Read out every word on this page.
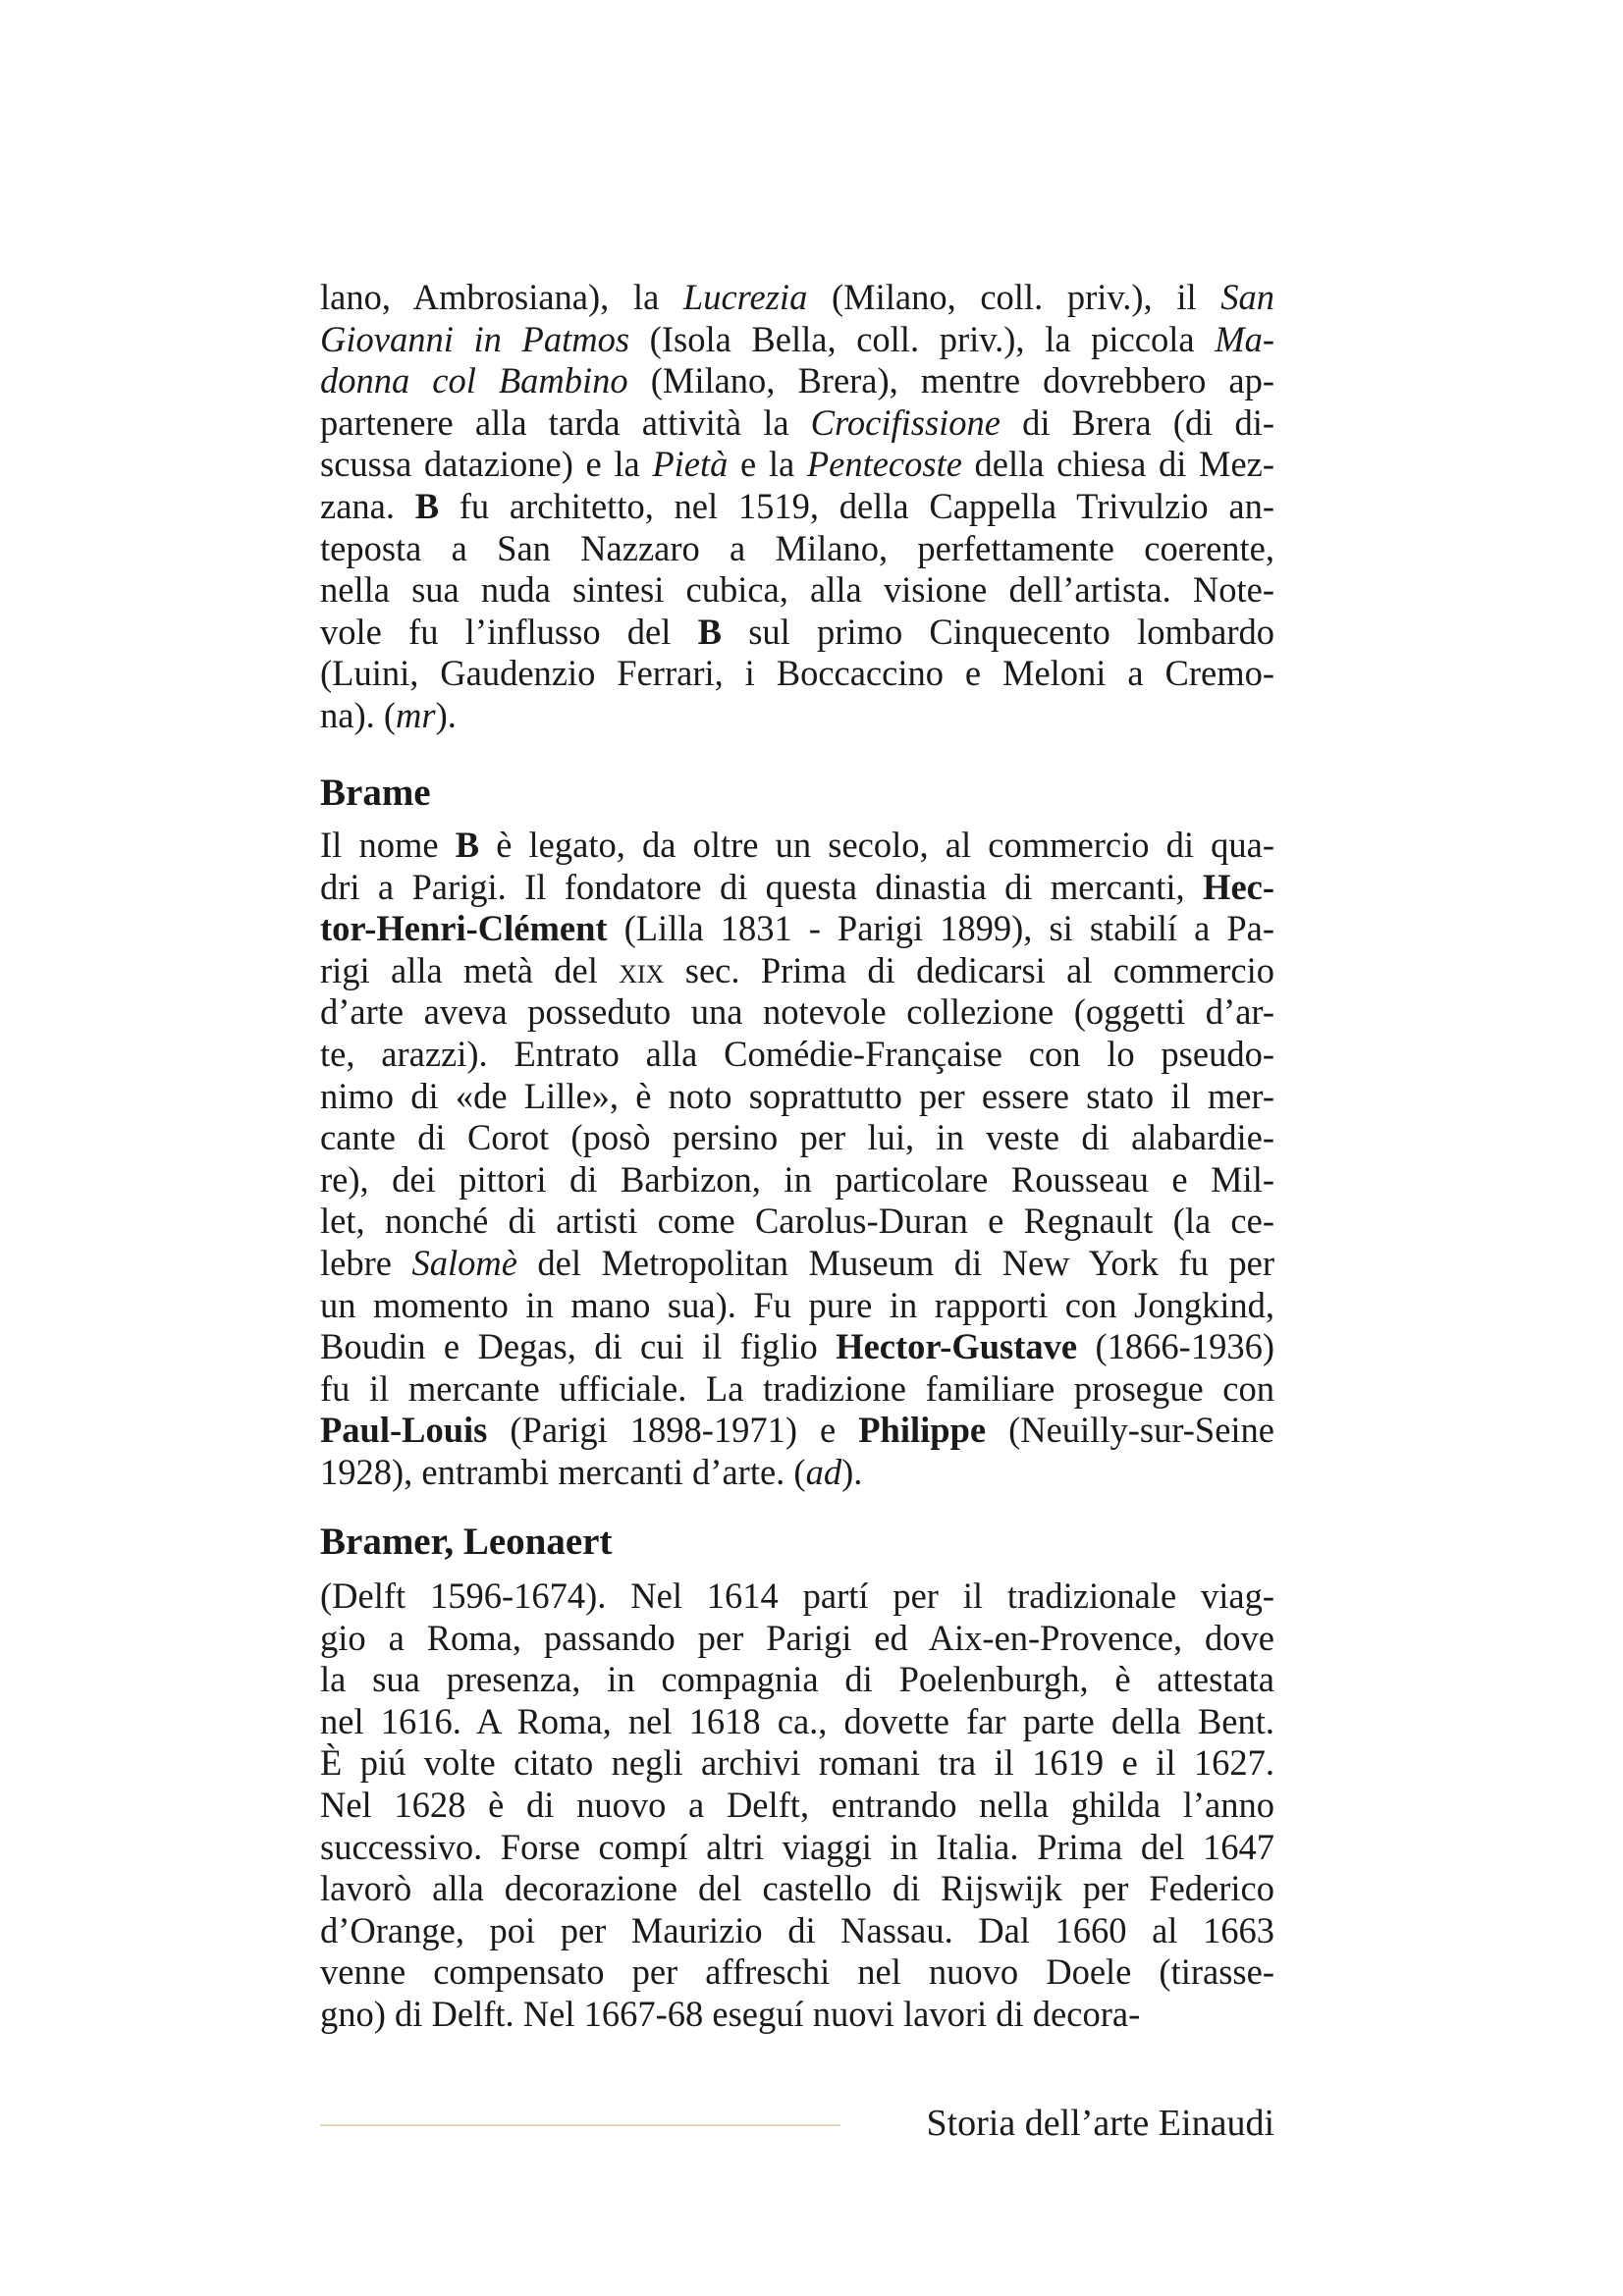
lano, Ambrosiana), la Lucrezia (Milano, coll. priv.), il San
Giovanni in Patmos (Isola Bella, coll. priv.), la piccola Ma-
donna col Bambino (Milano, Brera), mentre dovrebbero ap-
partenere alla tarda attività la Crocifissione di Brera (di di-
scussa datazione) e la Pietà e la Pentecoste della chiesa di Mez-
zana. B fu architetto, nel 1519, della Cappella Trivulzio an-
teposta a San Nazzaro a Milano, perfettamente coerente,
nella sua nuda sintesi cubica, alla visione dell’artista. Note-
vole fu l’influsso del B sul primo Cinquecento lombardo
(Luini, Gaudenzio Ferrari, i Boccaccino e Meloni a Cremo-
na). (mr).
Brame
Il nome B è legato, da oltre un secolo, al commercio di qua-
dri a Parigi. Il fondatore di questa dinastia di mercanti, Hec-
tor-Henri-Clément (Lilla 1831 - Parigi 1899), si stabilí a Pa-
rigi alla metà del xix sec. Prima di dedicarsi al commercio
d’arte aveva posseduto una notevole collezione (oggetti d’ar-
te, arazzi). Entrato alla Comédie-Française con lo pseudo-
nimo di «de Lille», è noto soprattutto per essere stato il mer-
cante di Corot (posò persino per lui, in veste di alabardie-
re), dei pittori di Barbizon, in particolare Rousseau e Mil-
let, nonché di artisti come Carolus-Duran e Regnault (la ce-
lebre Salomè del Metropolitan Museum di New York fu per
un momento in mano sua). Fu pure in rapporti con Jongkind,
Boudin e Degas, di cui il figlio Hector-Gustave (1866-1936)
fu il mercante ufficiale. La tradizione familiare prosegue con
Paul-Louis (Parigi 1898-1971) e Philippe (Neuilly-sur-Seine
1928), entrambi mercanti d’arte. (ad).
Bramer, Leonaert
(Delft 1596-1674). Nel 1614 partí per il tradizionale viag-
gio a Roma, passando per Parigi ed Aix-en-Provence, dove
la sua presenza, in compagnia di Poelenburgh, è attestata
nel 1616. A Roma, nel 1618 ca., dovette far parte della Bent.
È piú volte citato negli archivi romani tra il 1619 e il 1627.
Nel 1628 è di nuovo a Delft, entrando nella ghilda l’anno
successivo. Forse compí altri viaggi in Italia. Prima del 1647
lavorò alla decorazione del castello di Rijswijk per Federico
d’Orange, poi per Maurizio di Nassau. Dal 1660 al 1663
venne compensato per affreschi nel nuovo Doele (tirasse-
gno) di Delft. Nel 1667-68 eseguí nuovi lavori di decora-
Storia dell’arte Einaudi
